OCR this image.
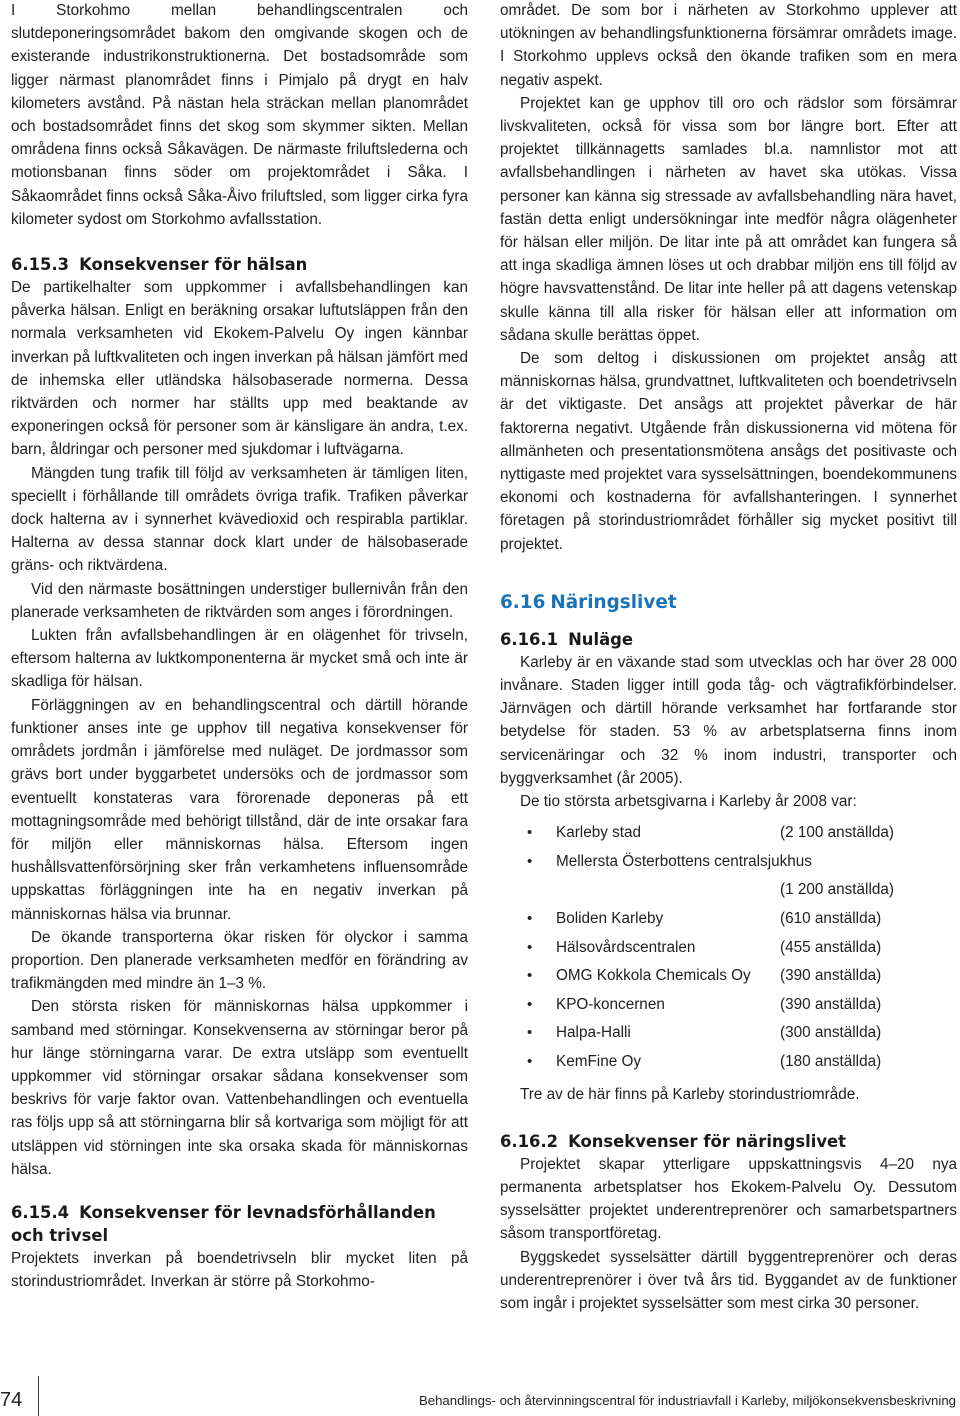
I Storkohmo mellan behandlingscentralen och slutdeponeringsområdet bakom den omgivande skogen och de existerande industrikonstruktionerna. Det bostadsområde som ligger närmast planområdet finns i Pimjalo på drygt en halv kilometers avstånd. På nästan hela sträckan mellan planområdet och bostadsområdet finns det skog som skymmer sikten. Mellan områdena finns också Såkavägen. De närmaste friluftslederna och motionsbanan finns söder om projektområdet i Såka. I Såkaområdet finns också Såka-Åivo friluftsled, som ligger cirka fyra kilometer sydost om Storkohmo avfallsstation.

6.15.3 Konsekvenser för hälsan

De partikelhalter som uppkommer i avfallsbehandlingen kan påverka hälsan. Enligt en beräkning orsakar luftutsläppen från den normala verksamheten vid Ekokem-Palvelu Oy ingen kännbar inverkan på luftkvaliteten och ingen inverkan på hälsan jämfört med de inhemska eller utländska hälsobaserade normerna. Dessa riktvärden och normer har ställts upp med beaktande av exponeringen också för personer som är känsligare än andra, t.ex. barn, åldringar och personer med sjukdomar i luftvägarna.

Mängden tung trafik till följd av verksamheten är tämligen liten, speciellt i förhållande till områdets övriga trafik. Trafiken påverkar dock halterna av i synnerhet kvävedioxid och respirabla partiklar. Halterna av dessa stannar dock klart under de hälsobaserade gräns- och riktvärdena.

Vid den närmaste bosättningen understiger bullernivån från den planerade verksamheten de riktvärden som anges i förordningen.

Lukten från avfallsbehandlingen är en olägenhet för trivseln, eftersom halterna av luktkomponenterna är mycket små och inte är skadliga för hälsan.

Förläggningen av en behandlingscentral och därtill hörande funktioner anses inte ge upphov till negativa konsekvenser för områdets jordmån i jämförelse med nuläget. De jordmassor som grävs bort under byggarbetet undersöks och de jordmassor som eventuellt konstateras vara förorenade deponeras på ett mottagningsområde med behörigt tillstånd, där de inte orsakar fara för miljön eller människornas hälsa. Eftersom ingen hushållsvattenförsörjning sker från verkamhetens influensområde uppskattas förläggningen inte ha en negativ inverkan på människornas hälsa via brunnar.

De ökande transporterna ökar risken för olyckor i samma proportion. Den planerade verksamheten medför en förändring av trafikmängden med mindre än 1–3 %.

Den största risken för människornas hälsa uppkommer i samband med störningar. Konsekvenserna av störningar beror på hur länge störningarna varar. De extra utsläpp som eventuellt uppkommer vid störningar orsakar sådana konsekvenser som beskrivs för varje faktor ovan. Vattenbehandlingen och eventuella ras följs upp så att störningarna blir så kortvariga som möjligt för att utsläppen vid störningen inte ska orsaka skada för människornas hälsa.

6.15.4 Konsekvenser för levnadsförhållanden och trivsel

Projektets inverkan på boendetrivseln blir mycket liten på storindustriområdet. Inverkan är större på Storkohmo-

området. De som bor i närheten av Storkohmo upplever att utökningen av behandlingsfunktionerna försämrar områdets image. I Storkohmo upplevs också den ökande trafiken som en mera negativ aspekt.

Projektet kan ge upphov till oro och rädslor som försämrar livskvaliteten, också för vissa som bor längre bort. Efter att projektet tillkännagetts samlades bl.a. namnlistor mot att avfallsbehandlingen i närheten av havet ska utökas. Vissa personer kan känna sig stressade av avfallsbehandling nära havet, fastän detta enligt undersökningar inte medför några olägenheter för hälsan eller miljön. De litar inte på att området kan fungera så att inga skadliga ämnen löses ut och drabbar miljön ens till följd av högre havsvattenstånd. De litar inte heller på att dagens vetenskap skulle känna till alla risker för hälsan eller att information om sådana skulle berättas öppet.

De som deltog i diskussionen om projektet ansåg att människornas hälsa, grundvattnet, luftkvaliteten och boendetrivseln är det viktigaste. Det ansågs att projektet påverkar de här faktorerna negativt. Utgående från diskussionerna vid mötena för allmänheten och presentationsmötena ansågs det positivaste och nyttigaste med projektet vara sysselsättningen, boendekommunens ekonomi och kostnaderna för avfallshanteringen. I synnerhet företagen på storindustriområdet förhåller sig mycket positivt till projektet.

6.16 Näringslivet
6.16.1 Nuläge

Karleby är en växande stad som utvecklas och har över 28 000 invånare. Staden ligger intill goda tåg- och vägtrafikförbindelser. Järnvägen och därtill hörande verksamhet har fortfarande stor betydelse för staden. 53 % av arbetsplatserna finns inom servicenäringar och 32 % inom industri, transporter och byggverksamhet (år 2005).

De tio största arbetsgivarna i Karleby år 2008 var:

•	Karleby stad	(2 100 anställda)
•	Mellersta Österbottens centralsjukhus
(1 200 anställda)
•	Boliden Karleby	(610 anställda)
•	Hälsovårdscentralen	(455 anställda)
•	OMG Kokkola Chemicals Oy	(390 anställda)
•	KPO-koncernen	(390 anställda)
•	Halpa-Halli	(300 anställda)
•	KemFine Oy	(180 anställda)

Tre av de här finns på Karleby storindustriområde.

6.16.2 Konsekvenser för näringslivet

Projektet skapar ytterligare uppskattningsvis 4–20 nya permanenta arbetsplatser hos Ekokem-Palvelu Oy. Dessutom sysselsätter projektet underentreprenörer och samarbetspartners såsom transportföretag.

Byggskedet sysselsätter därtill byggentreprenörer och deras underentreprenörer i över två års tid. Byggandet av de funktioner som ingår i projektet sysselsätter som mest cirka 30 personer.

74	Behandlings- och återvinningscentral för industriavfall i Karleby, miljökonsekvensbeskrivning
